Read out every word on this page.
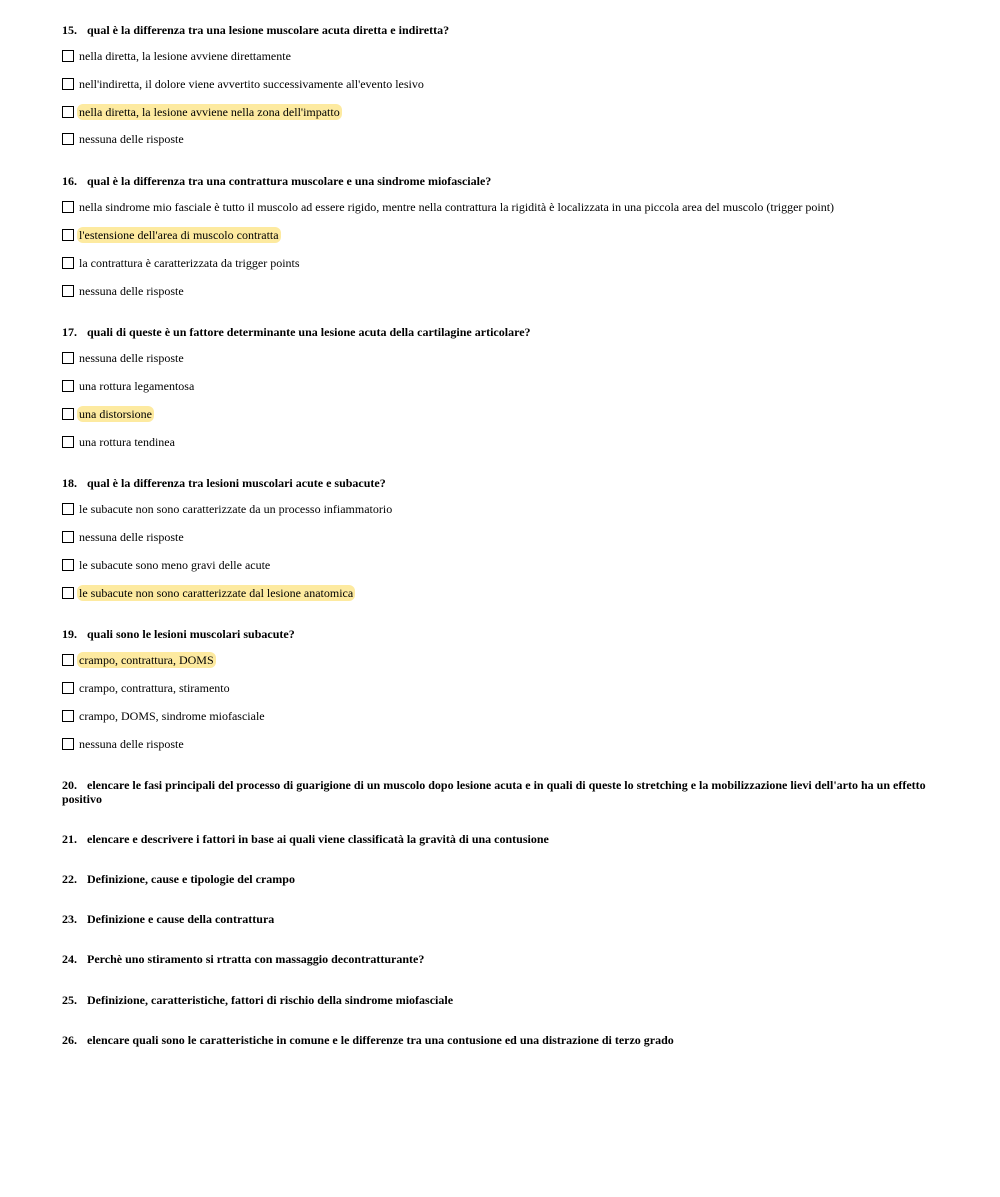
15. qual è la differenza tra una lesione muscolare acuta diretta e indiretta?
nella diretta, la lesione avviene direttamente
nell'indiretta, il dolore viene avvertito successivamente all'evento lesivo
nella diretta, la lesione avviene nella zona dell'impatto
nessuna delle risposte
16. qual è la differenza tra una contrattura muscolare e una sindrome miofasciale?
nella sindrome mio fasciale è tutto il muscolo ad essere rigido, mentre nella contrattura la rigidità è localizzata in una piccola area del muscolo (trigger point)
l'estensione dell'area di muscolo contratta
la contrattura è caratterizzata da trigger points
nessuna delle risposte
17. quali di queste è un fattore determinante una lesione acuta della cartilagine articolare?
nessuna delle risposte
una rottura legamentosa
una distorsione
una rottura tendinea
18. qual è la differenza tra lesioni muscolari acute e subacute?
le subacute non sono caratterizzate da un processo infiammatorio
nessuna delle risposte
le subacute sono meno gravi delle acute
le subacute non sono caratterizzate dal lesione anatomica
19. quali sono le lesioni muscolari subacute?
crampo, contrattura, DOMS
crampo, contrattura, stiramento
crampo, DOMS, sindrome miofasciale
nessuna delle risposte
20. elencare le fasi principali del processo di guarigione di un muscolo dopo lesione acuta e in quali di queste lo stretching e la mobilizzazione lievi dell'arto ha un effetto positivo
21. elencare e descrivere i fattori in base ai quali viene classificatà la gravità di una contusione
22. Definizione, cause e tipologie del crampo
23. Definizione e cause della contrattura
24. Perchè uno stiramento si rtratta con massaggio decontratturante?
25. Definizione, caratteristiche, fattori di rischio della sindrome miofasciale
26. elencare quali sono le caratteristiche in comune e le differenze tra una contusione ed una distrazione di terzo grado
